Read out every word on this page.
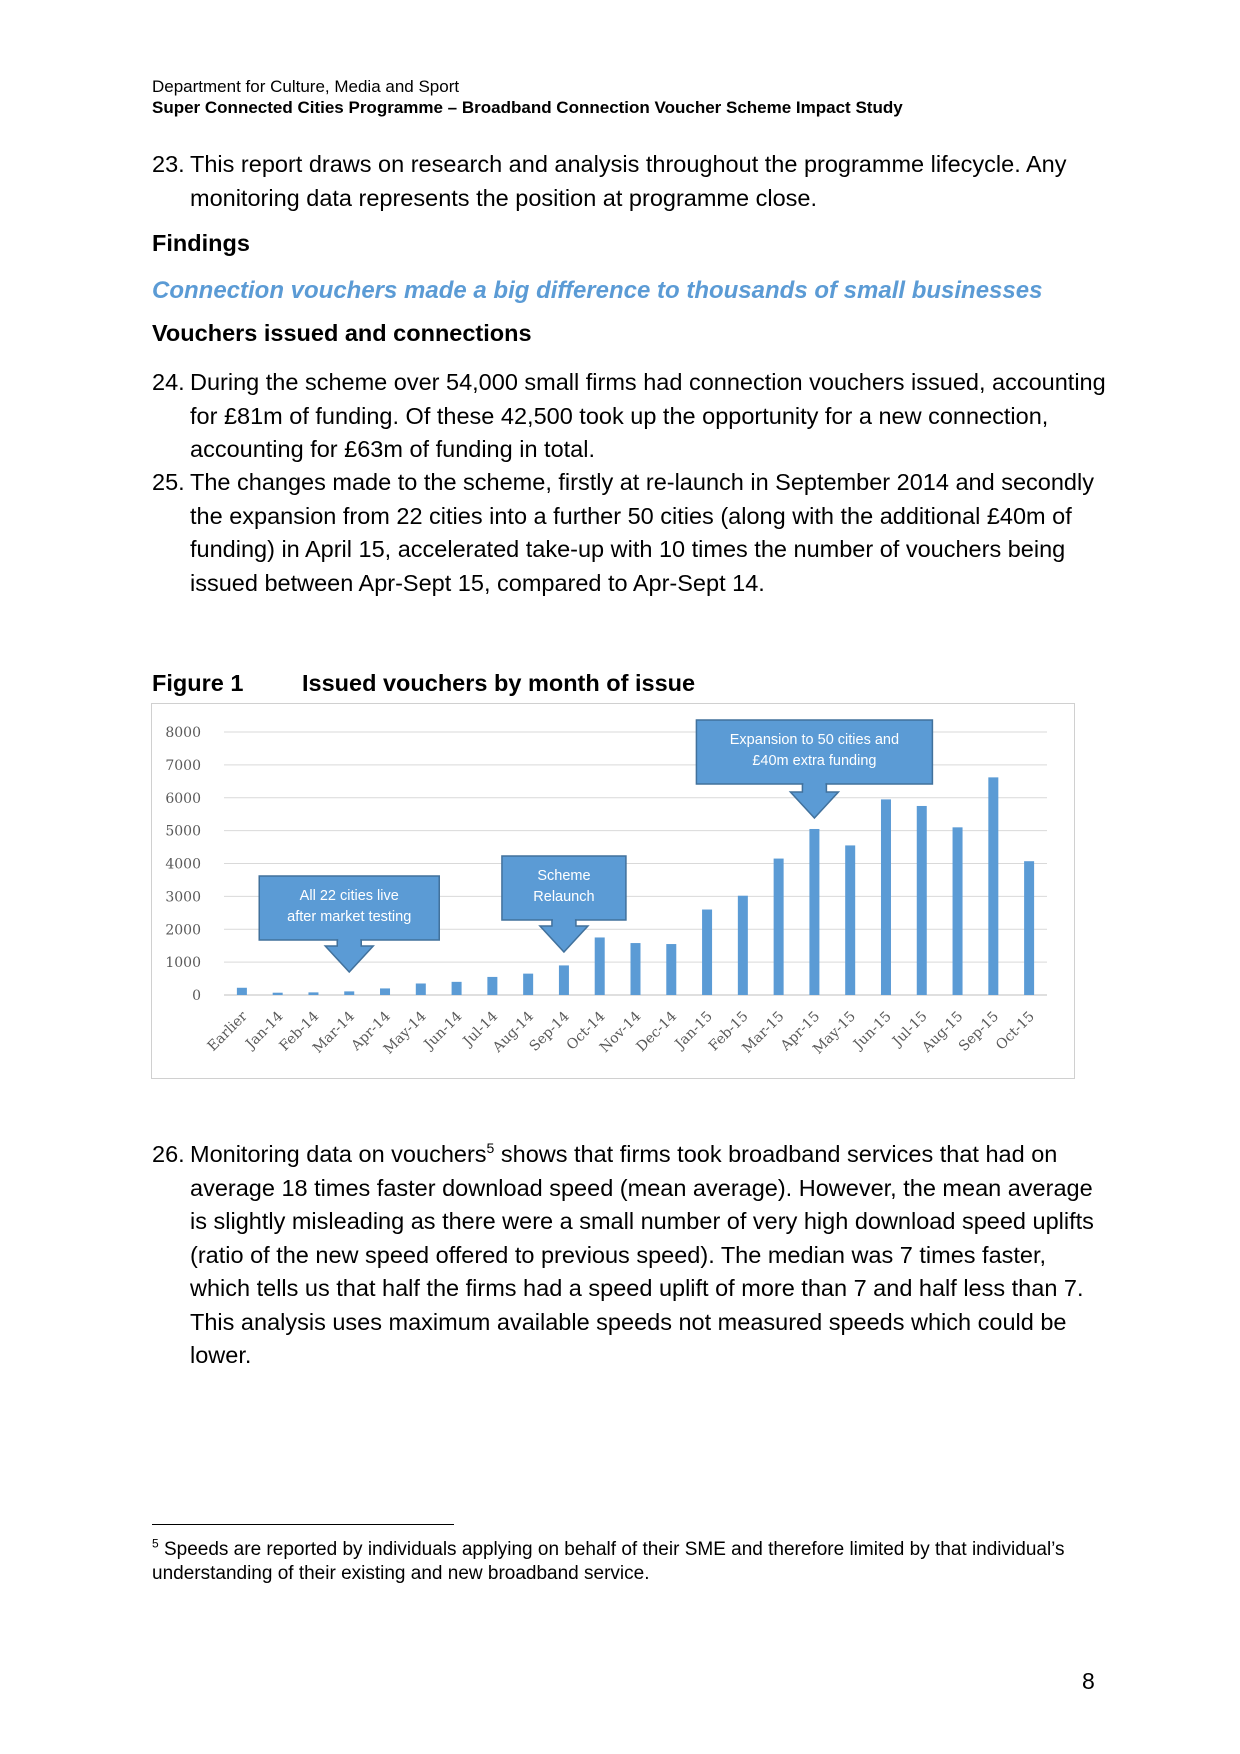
Department for Culture, Media and Sport
Super Connected Cities Programme – Broadband Connection Voucher Scheme Impact Study
23. This report draws on research and analysis throughout the programme lifecycle. Any monitoring data represents the position at programme close.
Findings
Connection vouchers made a big difference to thousands of small businesses
Vouchers issued and connections
24. During the scheme over 54,000 small firms had connection vouchers issued, accounting for £81m of funding. Of these 42,500 took up the opportunity for a new connection, accounting for £63m of funding in total.
25. The changes made to the scheme, firstly at re-launch in September 2014 and secondly the expansion from 22 cities into a further 50 cities (along with the additional £40m of funding) in April 15, accelerated take-up with 10 times the number of vouchers being issued between Apr-Sept 15, compared to Apr-Sept 14.
Figure 1 Issued vouchers by month of issue
0
1000
2000
3000
4000
5000
6000
7000
8000
Earlier
Jan-14
Feb-14
Mar-14
Apr-14
May-14
Jun-14
Jul-14
Aug-14
Sep-14
Oct-14
Nov-14
Dec-14
Jan-15
Feb-15
Mar-15
Apr-15
May-15
Jun-15
Jul-15
Aug-15
Sep-15
Oct-15
All 22 cities live
after market testing
Scheme
Relaunch
Expansion to 50 cities and
£40m extra funding
26. Monitoring data on vouchers$^5$ shows that firms took broadband services that had on average 18 times faster download speed (mean average). However, the mean average is slightly misleading as there were a small number of very high download speed uplifts (ratio of the new speed offered to previous speed). The median was 7 times faster, which tells us that half the firms had a speed uplift of more than 7 and half less than 7. This analysis uses maximum available speeds not measured speeds which could be lower.
$^5$ Speeds are reported by individuals applying on behalf of their SME and therefore limited by that individual’s understanding of their existing and new broadband service.
8
